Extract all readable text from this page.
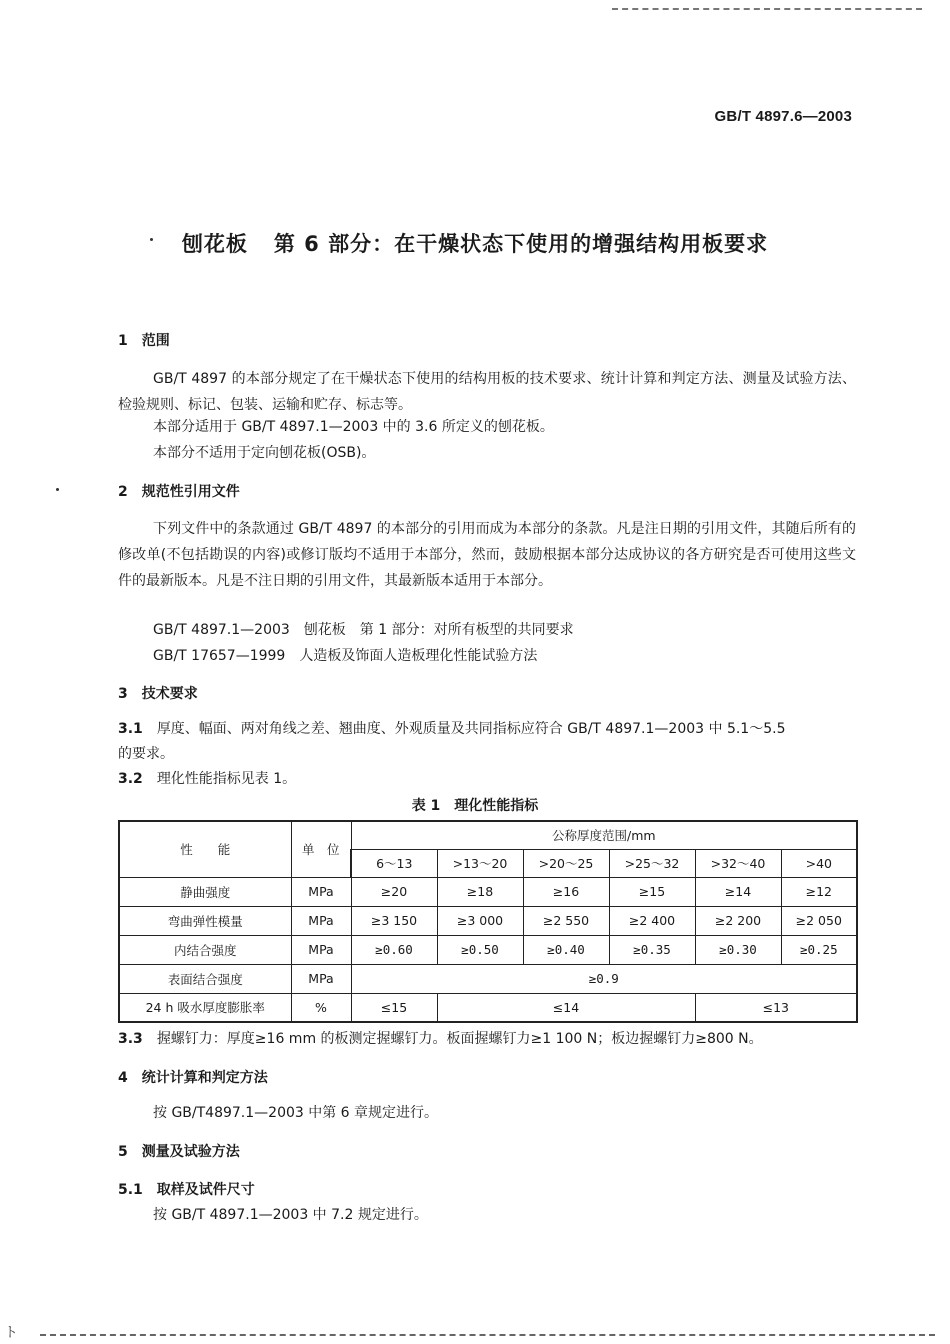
GB/T 4897.6—2003
刨花板 第 6 部分：在干燥状态下使用的增强结构用板要求
1　范围
GB/T 4897 的本部分规定了在干燥状态下使用的结构用板的技术要求、统计计算和判定方法、测量及试验方法、检验规则、标记、包装、运输和贮存、标志等。
本部分适用于 GB/T 4897.1—2003 中的 3.6 所定义的刨花板。
本部分不适用于定向刨花板(OSB)。
2　规范性引用文件
下列文件中的条款通过 GB/T 4897 的本部分的引用而成为本部分的条款。凡是注日期的引用文件，其随后所有的修改单(不包括勘误的内容)或修订版均不适用于本部分，然而，鼓励根据本部分达成协议的各方研究是否可使用这些文件的最新版本。凡是不注日期的引用文件，其最新版本适用于本部分。
GB/T 4897.1—2003　 刨花板　第 1 部分：对所有板型的共同要求
GB/T 17657—1999　 人造板及饰面人造板理化性能试验方法
3　技术要求
3.1　 厚度、幅面、两对角线之差、翘曲度、外观质量及共同指标应符合 GB/T 4897.1—2003 中 5.1～5.5
的要求。
3.2　 理化性能指标见表 1。
表 1　理化性能指标
性　　能	单　位	公称厚度范围/mm					
		6～13	>13～20	>20～25	>25～32	>32～40	>40
静曲强度	MPa	≥20	≥18	≥16	≥15	≥14	≥12
弯曲弹性模量	MPa	≥3 150	≥3 000	≥2 550	≥2 400	≥2 200	≥2 050
内结合强度	MPa	≥0.60	≥0.50	≥0.40	≥0.35	≥0.30	≥0.25
表面结合强度	MPa	≥0.9					
24 h 吸水厚度膨胀率	%	≤15	≤14			≤13	
3.3　 握螺钉力：厚度≥16 mm 的板测定握螺钉力。板面握螺钉力≥1 100 N；板边握螺钉力≥800 N。
4　统计计算和判定方法
按 GB/T4897.1—2003 中第 6 章规定进行。
5　测量及试验方法
5.1　取样及试件尺寸
按 GB/T 4897.1—2003 中 7.2 规定进行。
ト
